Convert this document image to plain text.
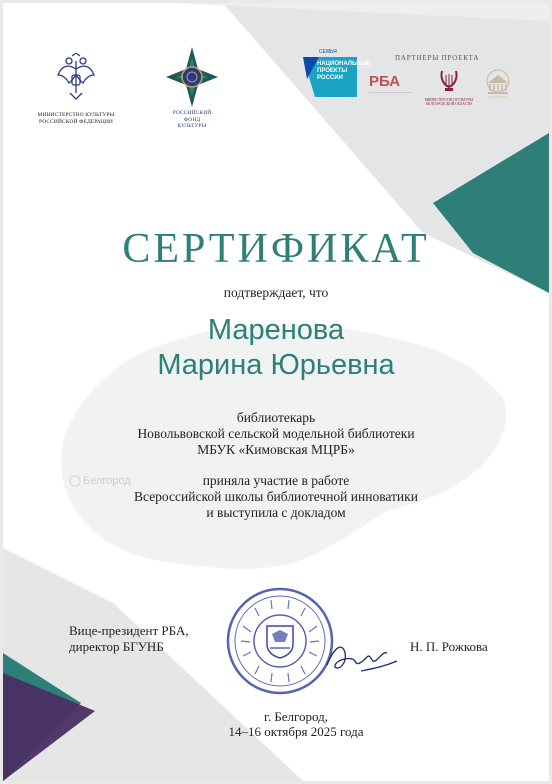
Белгород
МИНИСТЕРСТВО КУЛЬТУРЫ РОССИЙСКОЙ ФЕДЕРАЦИИ
РОССИЙСКИЙ
ФОНД
КУЛЬТУРЫ
СЕМЬЯ
НАЦИОНАЛЬНЫЕ
ПРОЕКТЫ
РОССИИ
ПАРТНЕРЫ ПРОЕКТА
РБА
МИНИСТЕРСТВО КУЛЬТУРЫ БЕЛГОРОДСКОЙ ОБЛАСТИ
СЕРТИФИКАТ
подтверждает, что
Маренова
Марина Юрьевна
библиотекарь
Новольвовской сельской модельной библиотеки
МБУК «Кимовская МЦРБ»
приняла участие в работе
Всероссийской школы библиотечной инноватики
и выступила с докладом
Вице-президент РБА,
директор БГУНБ	Н. П. Рожкова
г. Белгород,
14–16 октября 2025 года
